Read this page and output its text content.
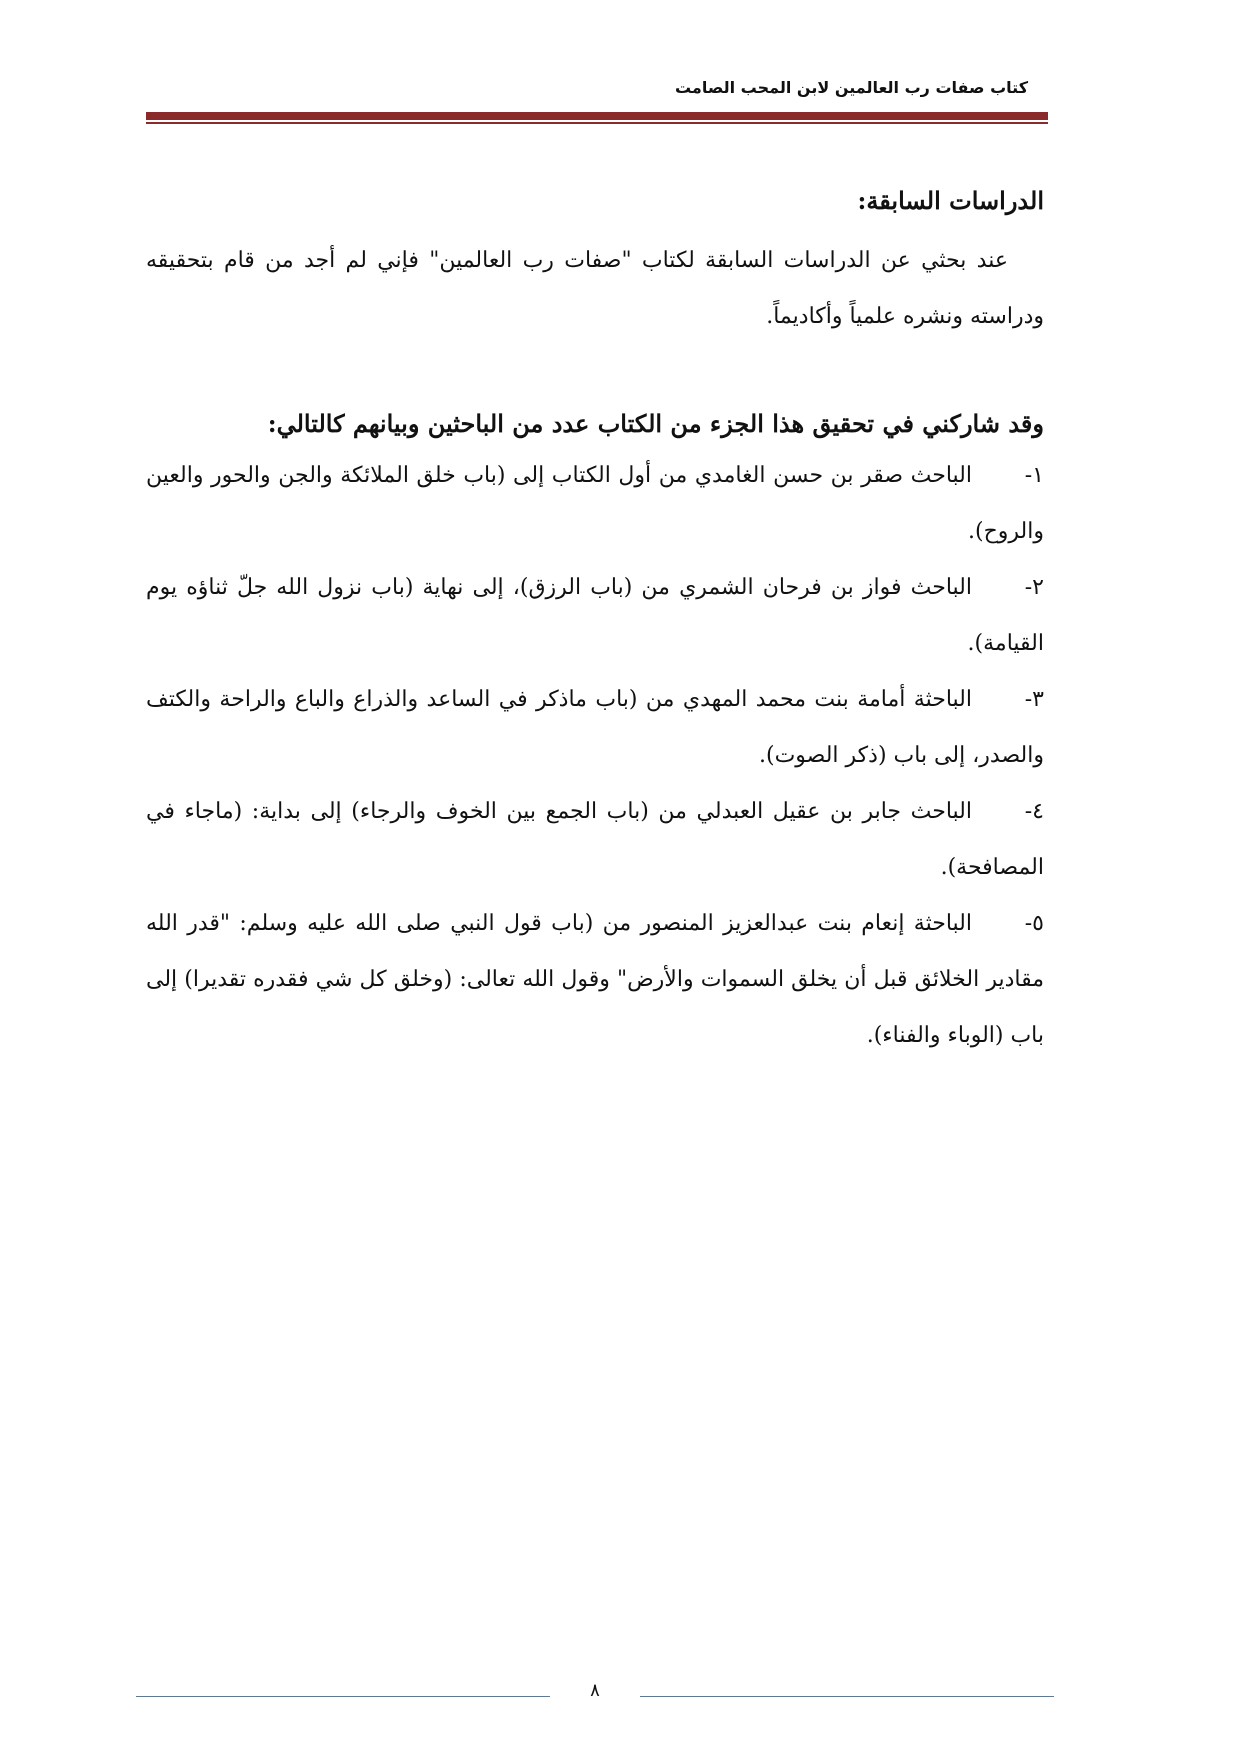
كتاب صفات رب العالمين لابن المحب الصامت
الدراسات السابقة:

عند بحثي عن الدراسات السابقة لكتاب "صفات رب العالمين" فإني لم أجد من قام بتحقيقه ودراسته ونشره علمياً وأكاديماً.

وقد شاركني في تحقيق هذا الجزء من الكتاب عدد من الباحثين وبيانهم كالتالي:

١-الباحث صقر بن حسن الغامدي من أول الكتاب إلى (باب خلق الملائكة والجن والحور والعين والروح).

٢-الباحث فواز بن فرحان الشمري من (باب الرزق)، إلى نهاية (باب نزول الله جلّ ثناؤه يوم القيامة).

٣-الباحثة أمامة بنت محمد المهدي من (باب ماذكر في الساعد والذراع والباع والراحة والكتف والصدر، إلى باب (ذكر الصوت).

٤-الباحث جابر بن عقيل العبدلي من (باب الجمع بين الخوف والرجاء) إلى بداية: (ماجاء في المصافحة).

٥-الباحثة إنعام بنت عبدالعزيز المنصور من (باب قول النبي صلى الله عليه وسلم: "قدر الله مقادير الخلائق قبل أن يخلق السموات والأرض" وقول الله تعالى: (وخلق كل شي فقدره تقديرا) إلى باب (الوباء والفناء).

٨
